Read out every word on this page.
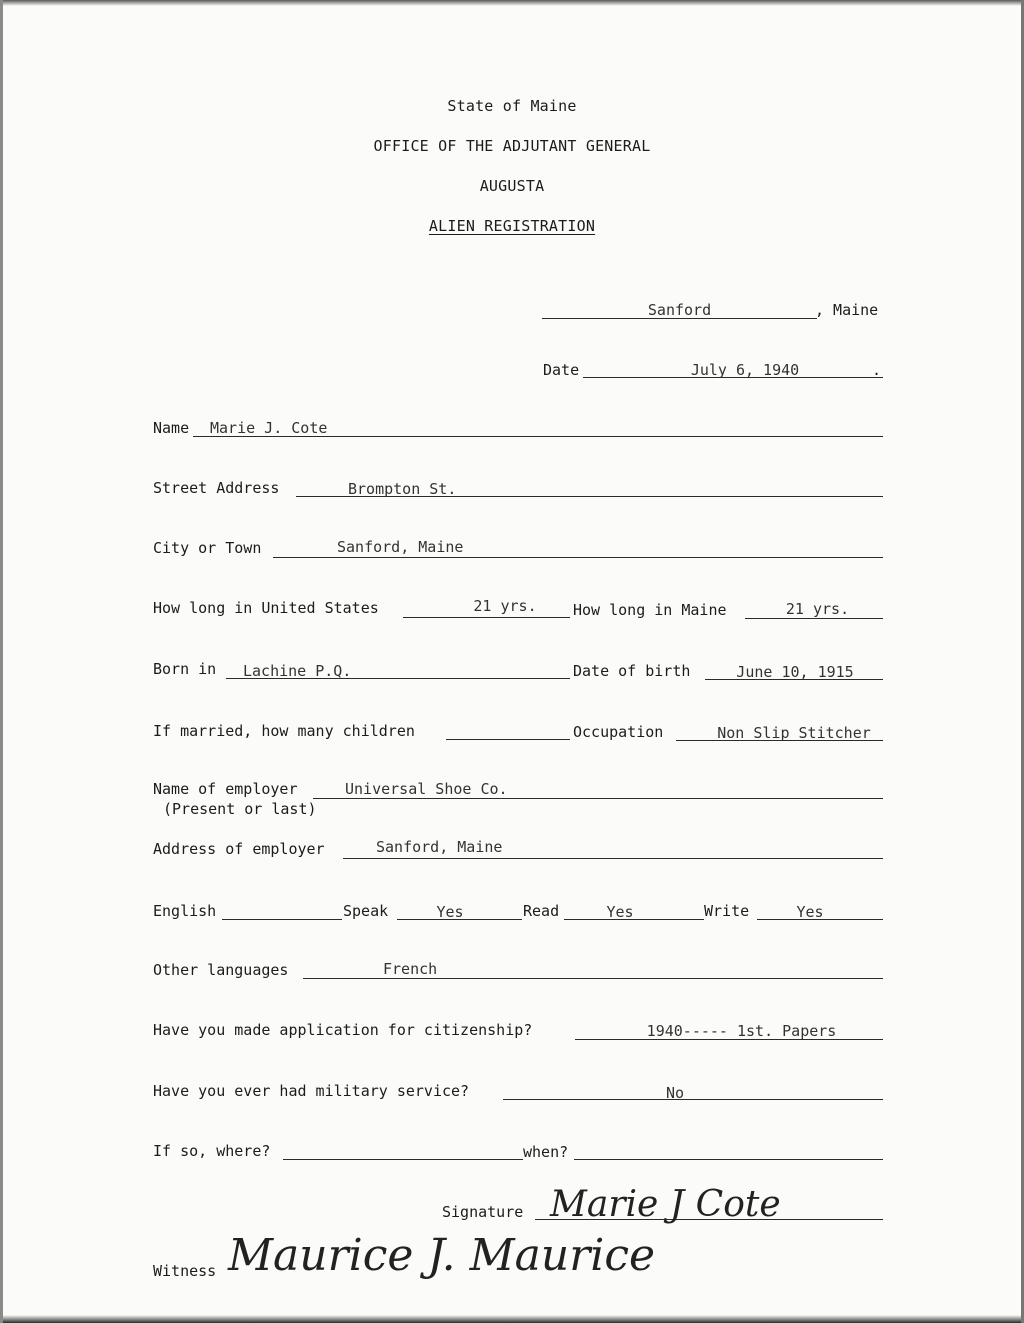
State of Maine
OFFICE OF THE ADJUTANT GENERAL
AUGUSTA
ALIEN REGISTRATION
Sanford	, Maine
Date	July 6, 1940	.
Name Marie J. Cote
Street Address	Brompton St.
City or Town	Sanford, Maine
How long in United States	21 yrs.	How long in Maine	21 yrs.
Born in Lachine P.Q.	Date of birth	June 10, 1915
If married, how many children	Occupation	Non Slip Stitcher
Name of employer
(Present or last)
Universal Shoe Co.
Address of employer	Sanford, Maine
English	Speak	Yes	Read	Yes	Write	Yes
Other languages	French
Have you made application for citizenship?	1940----- 1st. Papers
Have you ever had military service?	No
If so, where?	when?
Signature Marie J Cote
Witness Maurice J. Maurice
